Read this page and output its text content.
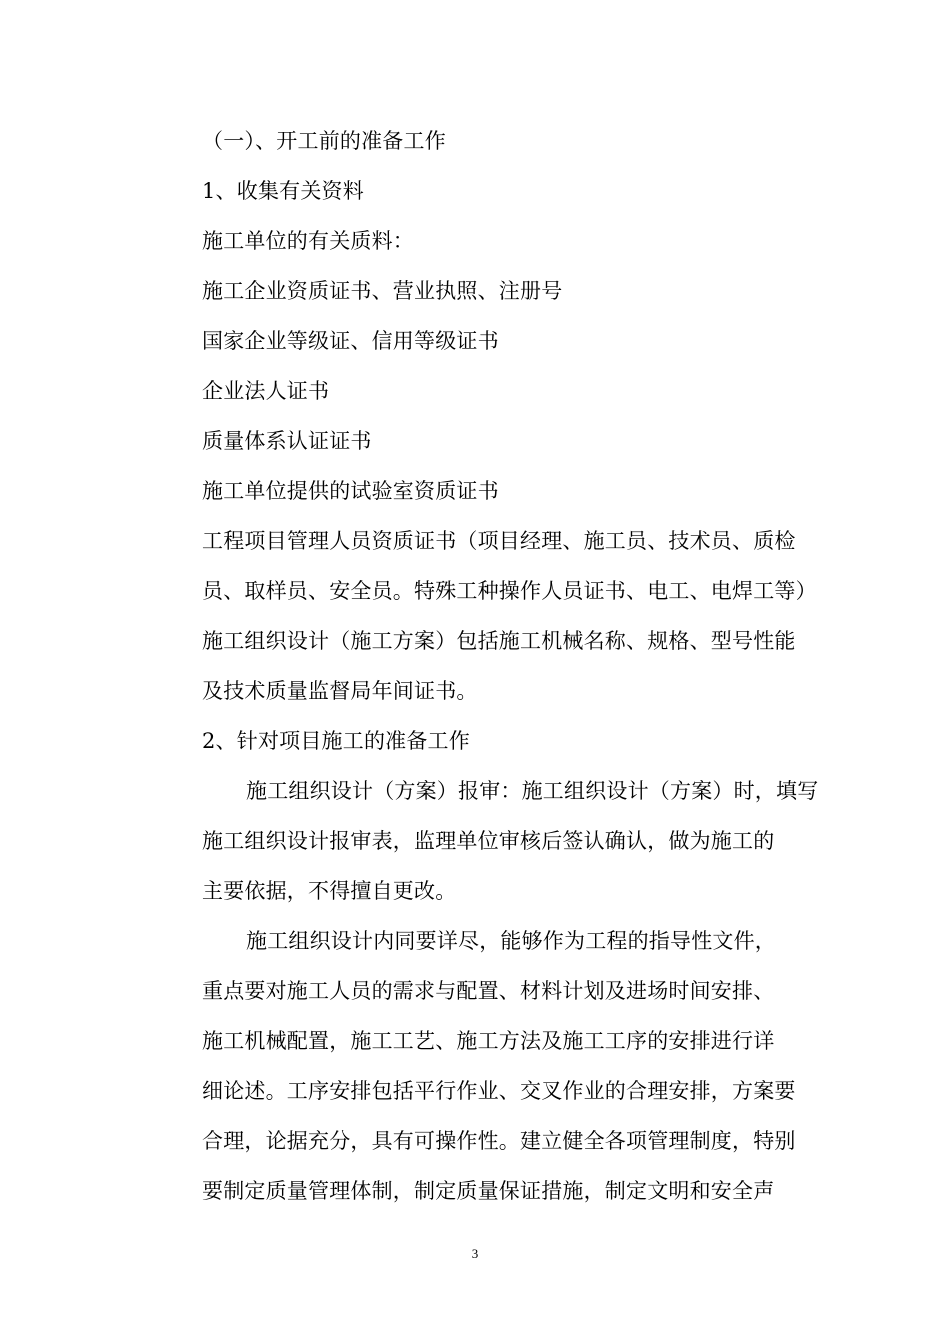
（一）、开工前的准备工作
1、收集有关资料
施工单位的有关质料：
施工企业资质证书、营业执照、注册号
国家企业等级证、信用等级证书
企业法人证书
质量体系认证证书
施工单位提供的试验室资质证书
工程项目管理人员资质证书（项目经理、施工员、技术员、质检
员、取样员、安全员。特殊工种操作人员证书、电工、电焊工等）
施工组织设计（施工方案）包括施工机械名称、规格、型号性能
及技术质量监督局年间证书。
2、针对项目施工的准备工作
施工组织设计（方案）报审：施工组织设计（方案）时，填写
施工组织设计报审表，监理单位审核后签认确认，做为施工的
主要依据，不得擅自更改。
施工组织设计内同要详尽，能够作为工程的指导性文件，
重点要对施工人员的需求与配置、材料计划及进场时间安排、
施工机械配置，施工工艺、施工方法及施工工序的安排进行详
细论述。工序安排包括平行作业、交叉作业的合理安排，方案要
合理，论据充分，具有可操作性。建立健全各项管理制度，特别
要制定质量管理体制，制定质量保证措施，制定文明和安全声
3
